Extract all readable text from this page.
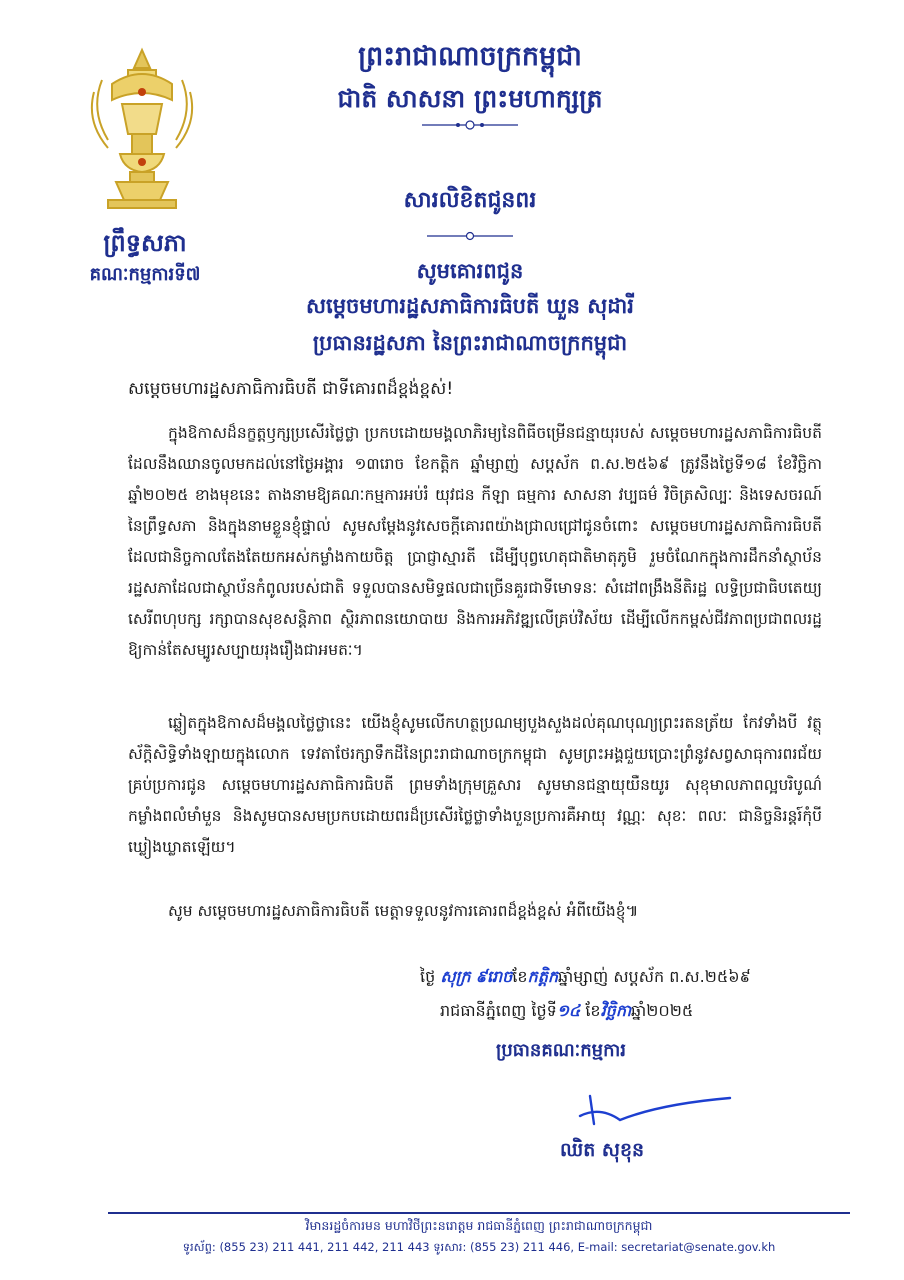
ព្រឹទ្ធសភា
គណៈកម្មការទី៧
ព្រះរាជាណាចក្រកម្ពុជា
ជាតិ សាសនា ព្រះមហាក្សត្រ
សារលិខិតជូនពរ
សូមគោរពជូន
សម្ដេចមហារដ្ឋសភាធិការធិបតី ឃួន សុដារី
ប្រធានរដ្ឋសភា នៃព្រះរាជាណាចក្រកម្ពុជា
សម្ដេចមហារដ្ឋសភាធិការធិបតី ជាទីគោរពដ៏ខ្ពង់ខ្ពស់!
ក្នុងឱកាសដ៏នក្ខត្តឫក្សប្រសើរថ្លៃថ្លា ប្រកបដោយមង្គលាភិរម្យនៃពិធីចម្រើនជន្មាយុរបស់ សម្ដេចមហារដ្ឋសភាធិការធិបតី ដែលនឹងឈានចូលមកដល់នៅថ្ងៃអង្គារ ១៣រោច ខែកត្តិក ឆ្នាំម្សាញ់ សប្តស័ក ព.ស.២៥៦៩ ត្រូវនឹងថ្ងៃទី១៨ ខែវិច្ឆិកា ឆ្នាំ២០២៥ ខាងមុខនេះ តាងនាមឱ្យគណៈកម្មការអប់រំ យុវជន កីឡា ធម្មការ សាសនា វប្បធម៌ វិចិត្រសិល្បៈ និងទេសចរណ៍ នៃព្រឹទ្ធសភា និងក្នុងនាមខ្លួនខ្ញុំផ្ទាល់ សូមសម្ដែងនូវសេចក្ដីគោរពយ៉ាងជ្រាលជ្រៅជូនចំពោះ សម្ដេចមហារដ្ឋសភាធិការធិបតី ដែលជានិច្ចកាលតែងតែយកអស់កម្លាំងកាយចិត្ត ប្រាជ្ញាស្មារតី ដើម្បីបុព្វហេតុជាតិមាតុភូមិ រួមចំណែកក្នុងការដឹកនាំស្ថាប័នរដ្ឋសភាដែលជាស្ថាប័នកំពូលរបស់ជាតិ ទទួលបានសមិទ្ធផលជាច្រើនគួរជាទីមោទនៈ សំដៅពង្រឹងនីតិរដ្ឋ លទ្ធិប្រជាធិបតេយ្យ សេរីពហុបក្ស រក្សាបានសុខសន្តិភាព ស្ថិរភាពនយោបាយ និងការអភិវឌ្ឍលើគ្រប់វិស័យ ដើម្បីលើកកម្ពស់ជីវភាពប្រជាពលរដ្ឋ ឱ្យកាន់តែសម្បូរសប្បាយរុងរឿងជាអមតៈ។
ឆ្លៀតក្នុងឱកាសដ៏មង្គលថ្លៃថ្លានេះ យើងខ្ញុំសូមលើកហត្ថប្រណម្យបួងសួងដល់គុណបុណ្យព្រះរតនត្រ័យ កែវទាំងបី វត្ថុស័ក្តិសិទ្ធិទាំងឡាយក្នុងលោក ទេវតាថែរក្សាទឹកដីនៃព្រះរាជាណាចក្រកម្ពុជា សូមព្រះអង្គជួយប្រោះព្រំនូវសព្វសាធុការពរជ័យគ្រប់ប្រការជូន សម្ដេចមហារដ្ឋសភាធិការធិបតី ព្រមទាំងក្រុមគ្រួសារ សូមមានជន្មាយុយឺនយូរ សុខុមាលភាពល្អបរិបូណ៌ កម្លាំងពលំមាំមួន និងសូមបានសមប្រកបដោយពរដ៏ប្រសើរថ្លៃថ្លាទាំងបួនប្រការគឺអាយុ វណ្ណៈ សុខៈ ពលៈ ជានិច្ចនិរន្តរ៍កុំបីឃ្លៀងឃ្លាតឡើយ។
សូម សម្ដេចមហារដ្ឋសភាធិការធិបតី មេត្តាទទួលនូវការគោរពដ៏ខ្ពង់ខ្ពស់ អំពីយើងខ្ញុំ៕
ថ្ងៃ សុក្រ ៩រោចខែកត្តិកឆ្នាំម្សាញ់ សប្តស័ក ព.ស.២៥៦៩
រាជធានីភ្នំពេញ ថ្ងៃទី១៤ ខែវិច្ឆិកាឆ្នាំ២០២៥
ប្រធានគណៈកម្មការ
ឈិត សុខុន
វិមានរដ្ឋចំការមន មហាវិថីព្រះនរោត្តម រាជធានីភ្នំពេញ ព្រះរាជាណាចក្រកម្ពុជា
ទូរស័ព្ទ: (855 23) 211 441, 211 442, 211 443 ទូរសារ: (855 23) 211 446, E-mail: secretariat@senate.gov.kh
